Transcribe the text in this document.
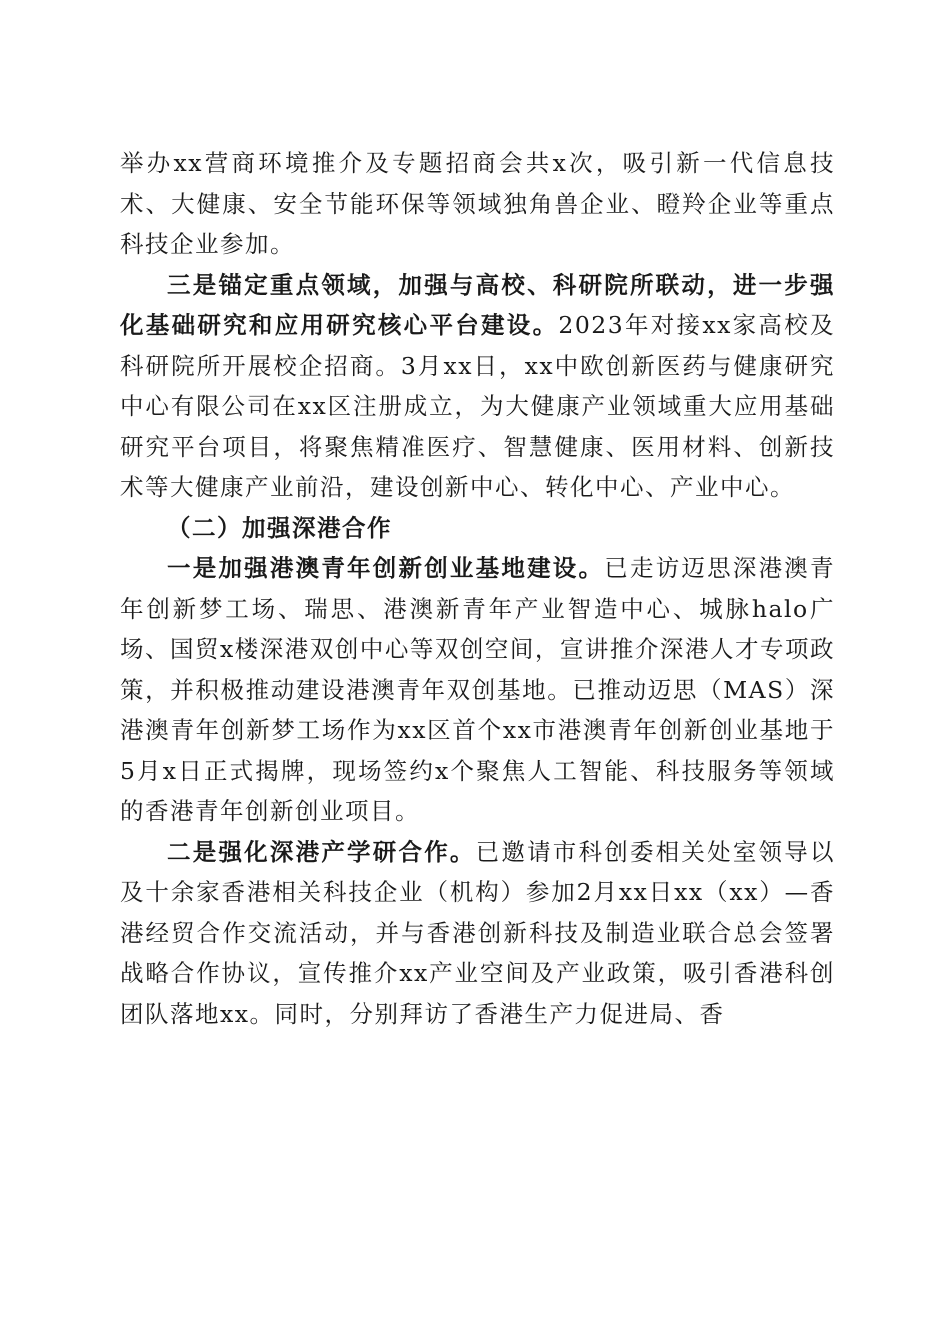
举办xx营商环境推介及专题招商会共x次，吸引新一代信息技术、大健康、安全节能环保等领域独角兽企业、瞪羚企业等重点科技企业参加。

三是锚定重点领域，加强与高校、科研院所联动，进一步强化基础研究和应用研究核心平台建设。2023年对接xx家高校及科研院所开展校企招商。3月xx日，xx中欧创新医药与健康研究中心有限公司在xx区注册成立，为大健康产业领域重大应用基础研究平台项目，将聚焦精准医疗、智慧健康、医用材料、创新技术等大健康产业前沿，建设创新中心、转化中心、产业中心。

（二）加强深港合作

一是加强港澳青年创新创业基地建设。已走访迈思深港澳青年创新梦工场、瑞思、港澳新青年产业智造中心、城脉halo广场、国贸x楼深港双创中心等双创空间，宣讲推介深港人才专项政策，并积极推动建设港澳青年双创基地。已推动迈思（MAS）深港澳青年创新梦工场作为xx区首个xx市港澳青年创新创业基地于5月x日正式揭牌，现场签约x个聚焦人工智能、科技服务等领域的香港青年创新创业项目。

二是强化深港产学研合作。已邀请市科创委相关处室领导以及十余家香港相关科技企业（机构）参加2月xx日xx（xx）—香港经贸合作交流活动，并与香港创新科技及制造业联合总会签署战略合作协议，宣传推介xx产业空间及产业政策，吸引香港科创团队落地xx。同时，分别拜访了香港生产力促进局、香
